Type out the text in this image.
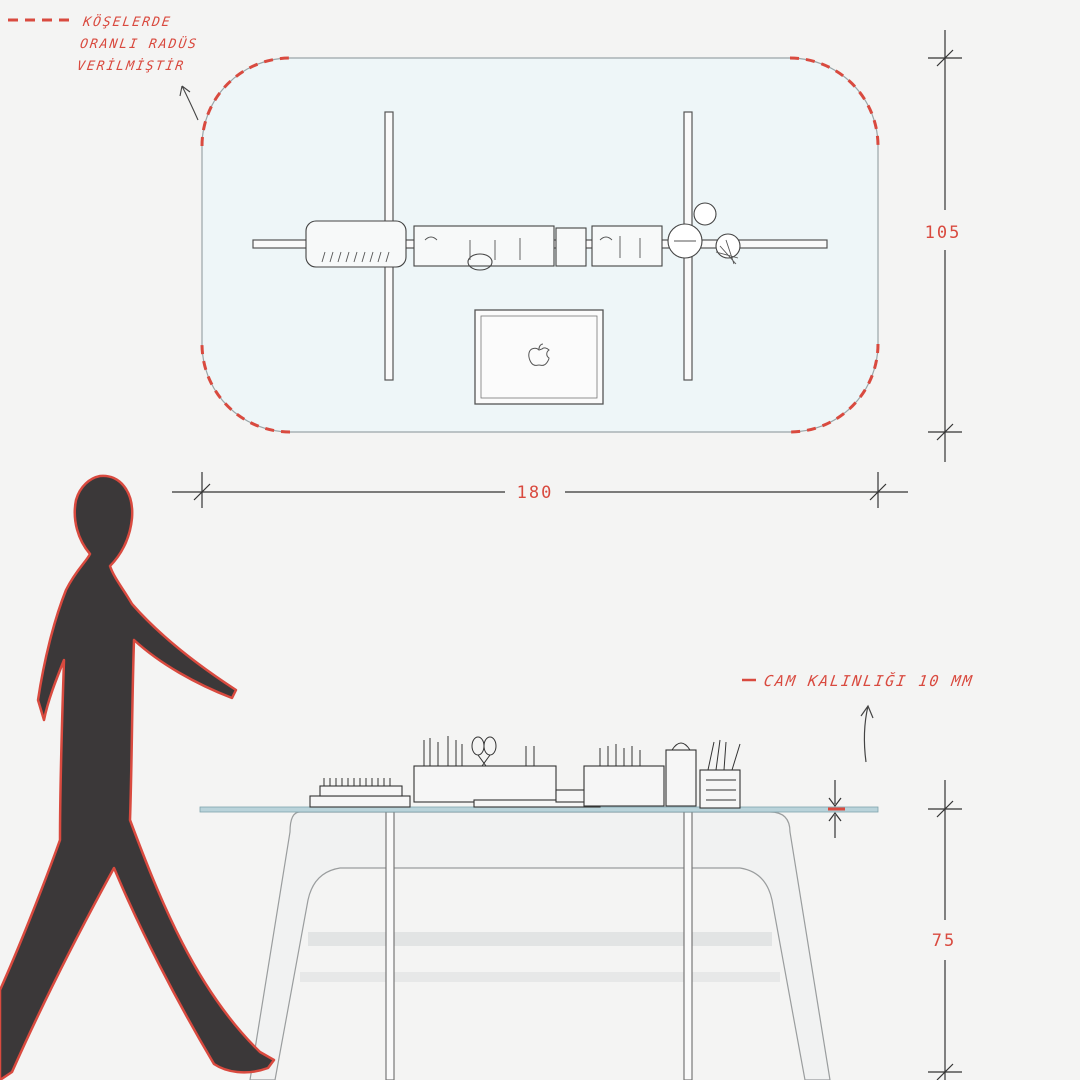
180
105
75
KÖŞELERDE
ORANLI RADÜS
VERİLMİŞTİR
CAM KALINLIĞI 10 MM
